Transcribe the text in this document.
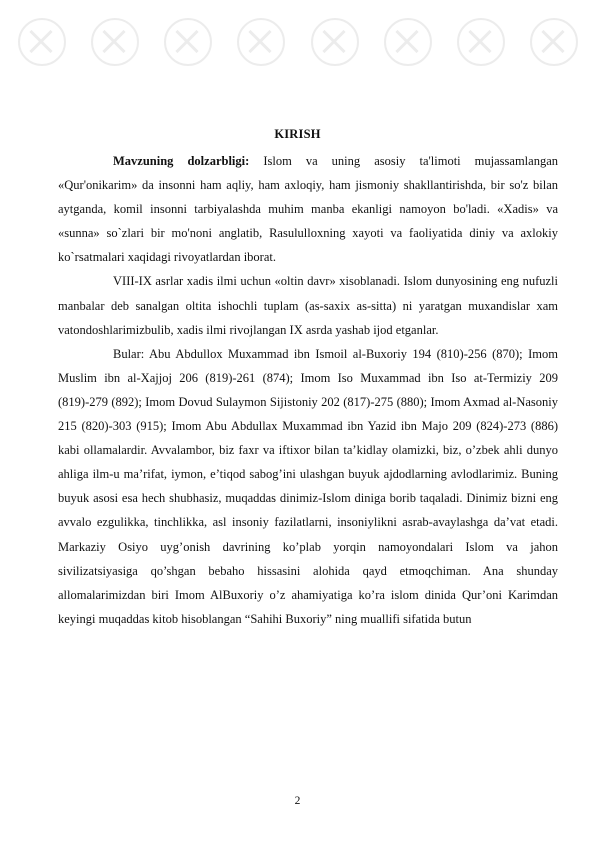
KIRISH

Mavzuning dolzarbligi: Islom va uning asosiy ta'limoti mujassamlangan «Qur'onikarim» da insonni ham aqliy, ham axloqiy, ham jismoniy shakllantirishda, bir so'z bilan aytganda, komil insonni tarbiyalashda muhim manba ekanligi namoyon bo'ladi. «Xadis» va «sunna» so`zlari bir mo'noni anglatib, Rasululloxning xayoti va faoliyatida diniy va axlokiy ko`rsatmalari xaqidagi rivoyatlardan iborat.

VIII-IX asrlar xadis ilmi uchun «oltin davr» xisoblanadi. Islom dunyosining eng nufuzli manbalar deb sanalgan oltita ishochli tuplam (as-saxix as-sitta) ni yaratgan muxandislar xam vatondoshlarimizbulib, xadis ilmi rivojlangan IX asrda yashab ijod etganlar.

Bular: Abu Abdullox Muxammad ibn Ismoil al-Buxoriy 194 (810)-256 (870); Imom Muslim ibn al-Xajjoj 206 (819)-261 (874); Imom Iso Muxammad ibn Iso at-Termiziy 209 (819)-279 (892); Imom Dovud Sulaymon Sijistoniy 202 (817)-275 (880); Imom Axmad al-Nasoniy 215 (820)-303 (915); Imom Abu Abdullax Muxammad ibn Yazid ibn Majo 209 (824)-273 (886) kabi ollamalardir. Avvalambor, biz faxr va iftixor bilan ta’kidlay olamizki, biz, o’zbek ahli dunyo ahliga ilm-u ma’rifat, iymon, e’tiqod sabog’ini ulashgan buyuk ajdodlarning avlodlarimiz. Buning buyuk asosi esa hech shubhasiz, muqaddas dinimiz-Islom diniga borib taqaladi. Dinimiz bizni eng avvalo ezgulikka, tinchlikka, asl insoniy fazilatlarni, insoniylikni asrab-avaylashga da’vat etadi. Markaziy Osiyo uyg’onish davrining ko’plab yorqin namoyondalari Islom va jahon sivilizatsiyasiga qo’shgan bebaho hissasini alohida qayd etmoqchiman. Ana shunday allomalarimizdan biri Imom AlBuxoriy o’z ahamiyatiga ko’ra islom dinida Qur’oni Karimdan keyingi muqaddas kitob hisoblangan “Sahihi Buxoriy” ning muallifi sifatida butun

2
